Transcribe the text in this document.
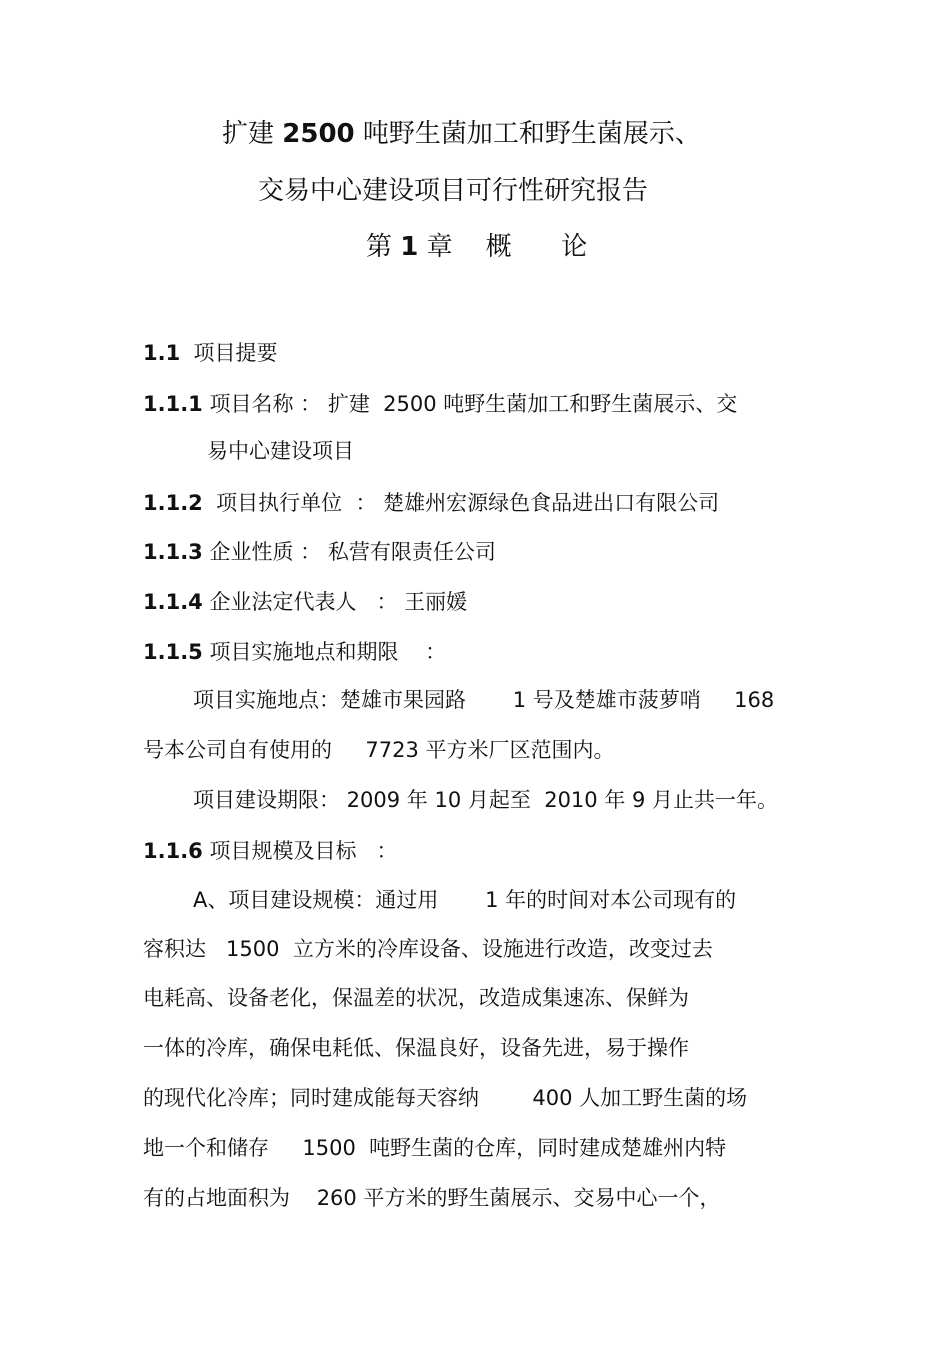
扩建 2500 吨野生菌加工和野生菌展示、
交易中心建设项目可行性研究报告
第 1 章    概      论
1.1  项目提要
1.1.1 项目名称 ： 扩建  2500 吨野生菌加工和野生菌展示、交
易中心建设项目
1.1.2  项目执行单位  ： 楚雄州宏源绿色食品进出口有限公司
1.1.3 企业性质 ： 私营有限责任公司
1.1.4 企业法定代表人   ： 王丽媛
1.1.5 项目实施地点和期限    ：
项目实施地点：楚雄市果园路       1 号及楚雄市菠萝哨     168
号本公司自有使用的     7723 平方米厂区范围内。
项目建设期限： 2009 年 10 月起至  2010 年 9 月止共一年。
1.1.6 项目规模及目标   ：
A、项目建设规模：通过用       1 年的时间对本公司现有的
容积达   1500  立方米的冷库设备、设施进行改造，改变过去
电耗高、设备老化，保温差的状况，改造成集速冻、保鲜为
一体的冷库，确保电耗低、保温良好，设备先进，易于操作
的现代化冷库；同时建成能每天容纳        400 人加工野生菌的场
地一个和储存     1500  吨野生菌的仓库，同时建成楚雄州内特
有的占地面积为    260 平方米的野生菌展示、交易中心一个，
